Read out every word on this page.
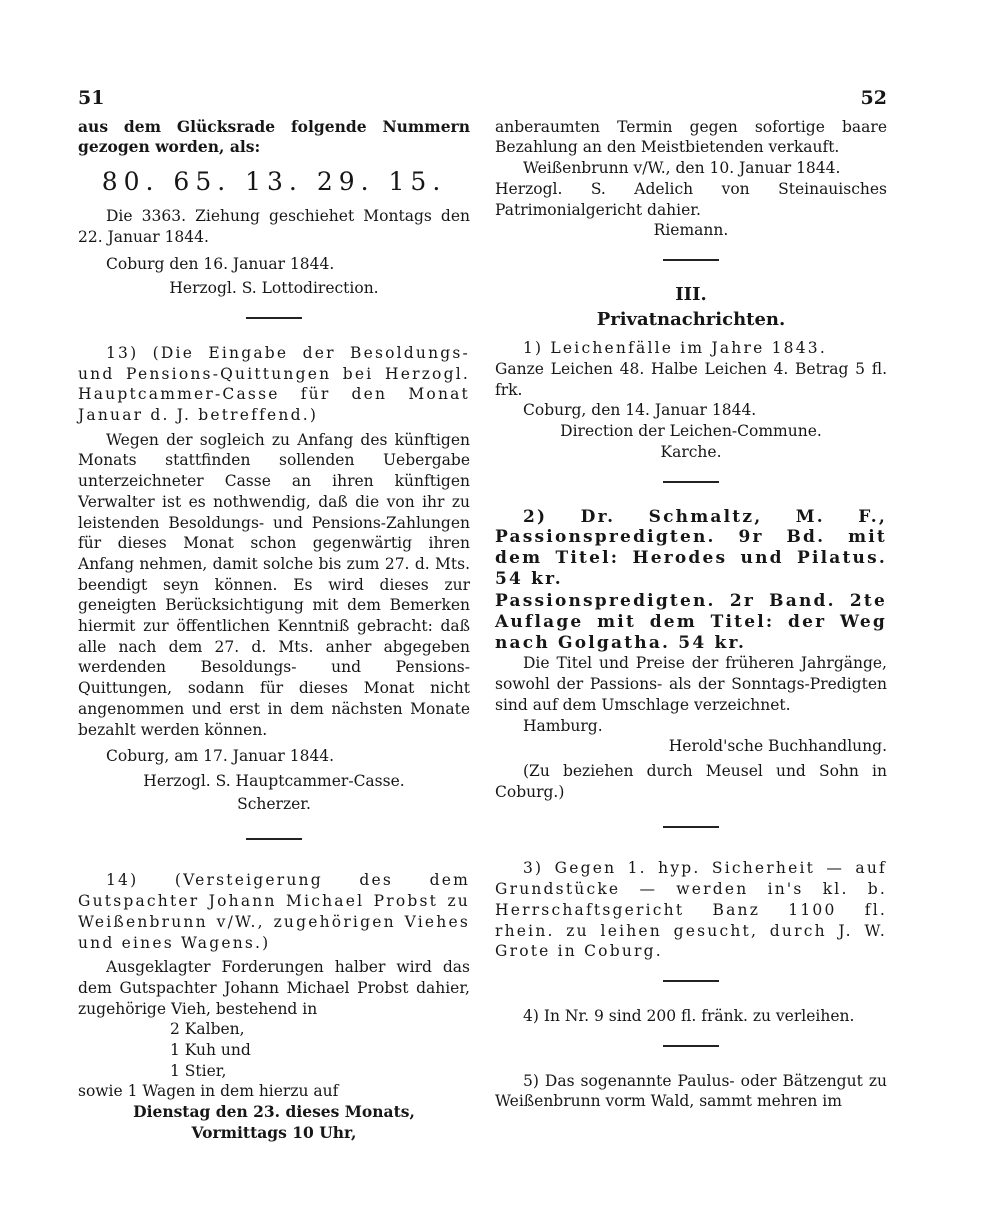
51

aus dem Glücksrade folgende Nummern gezogen worden, als:

80. 65. 13. 29. 15.

Die 3363. Ziehung geschiehet Montags den 22. Januar 1844.

Coburg den 16. Januar 1844.

Herzogl. S. Lottodirection.

13) (Die Eingabe der Besoldungs- und Pensions-Quittungen bei Herzogl. Hauptcammer-Casse für den Monat Januar d. J. betreffend.)

Wegen der sogleich zu Anfang des künftigen Monats stattfinden sollenden Uebergabe unterzeichneter Casse an ihren künftigen Verwalter ist es nothwendig, daß die von ihr zu leistenden Besoldungs- und Pensions-Zahlungen für dieses Monat schon gegenwärtig ihren Anfang nehmen, damit solche bis zum 27. d. Mts. beendigt seyn können. Es wird dieses zur geneigten Berücksichtigung mit dem Bemerken hiermit zur öffentlichen Kenntniß gebracht: daß alle nach dem 27. d. Mts. anher abgegeben werdenden Besoldungs- und Pensions-Quittungen, sodann für dieses Monat nicht angenommen und erst in dem nächsten Monate bezahlt werden können.

Coburg, am 17. Januar 1844.

Herzogl. S. Hauptcammer-Casse.

Scherzer.

14) (Versteigerung des dem Gutspachter Johann Michael Probst zu Weißenbrunn v/W., zugehörigen Viehes und eines Wagens.)

Ausgeklagter Forderungen halber wird das dem Gutspachter Johann Michael Probst dahier, zugehörige Vieh, bestehend in

2 Kalben,
1 Kuh und
1 Stier,

sowie 1 Wagen in dem hierzu auf

Dienstag den 23. dieses Monats,

Vormittags 10 Uhr,

52

anberaumten Termin gegen sofortige baare Bezahlung an den Meistbietenden verkauft.

Weißenbrunn v/W., den 10. Januar 1844.

Herzogl. S. Adelich von Steinauisches Patrimonialgericht dahier.

Riemann.

III.
Privatnachrichten.

1) Leichenfälle im Jahre 1843.

Ganze Leichen 48. Halbe Leichen 4. Betrag 5 fl. frk.

Coburg, den 14. Januar 1844.

Direction der Leichen-Commune.

Karche.

2) Dr. Schmaltz, M. F., Passionspredigten. 9r Bd. mit dem Titel: Herodes und Pilatus. 54 kr.

Passionspredigten. 2r Band. 2te Auflage mit dem Titel: der Weg nach Golgatha. 54 kr.

Die Titel und Preise der früheren Jahrgänge, sowohl der Passions- als der Sonntags-Predigten sind auf dem Umschlage verzeichnet.

Hamburg.

Herold'sche Buchhandlung.

(Zu beziehen durch Meusel und Sohn in Coburg.)

3) Gegen 1. hyp. Sicherheit — auf Grundstücke — werden in's kl. b. Herrschaftsgericht Banz 1100 fl. rhein. zu leihen gesucht, durch J. W. Grote in Coburg.

4) In Nr. 9 sind 200 fl. fränk. zu verleihen.

5) Das sogenannte Paulus- oder Bätzengut zu Weißenbrunn vorm Wald, sammt mehren im
